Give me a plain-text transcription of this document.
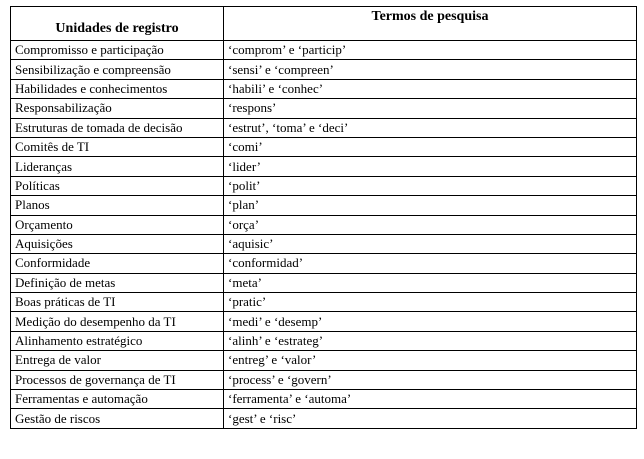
Unidades de registro	Termos de pesquisa
Compromisso e participação	‘comprom’ e ‘particip’
Sensibilização e compreensão	‘sensi’ e ‘compreen’
Habilidades e conhecimentos	‘habili’ e ‘conhec’
Responsabilização	‘respons’
Estruturas de tomada de decisão	‘estrut’, ‘toma’ e ‘deci’
Comitês de TI	‘comi’
Lideranças	‘lider’
Políticas	‘polit’
Planos	‘plan’
Orçamento	‘orça’
Aquisições	‘aquisic’
Conformidade	‘conformidad’
Definição de metas	‘meta’
Boas práticas de TI	‘pratic’
Medição do desempenho da TI	‘medi’ e ‘desemp’
Alinhamento estratégico	‘alinh’ e ‘estrateg’
Entrega de valor	‘entreg’ e ‘valor’
Processos de governança de TI	‘process’ e ‘govern’
Ferramentas e automação	‘ferramenta’ e ‘automa’
Gestão de riscos	‘gest’ e ‘risc’
